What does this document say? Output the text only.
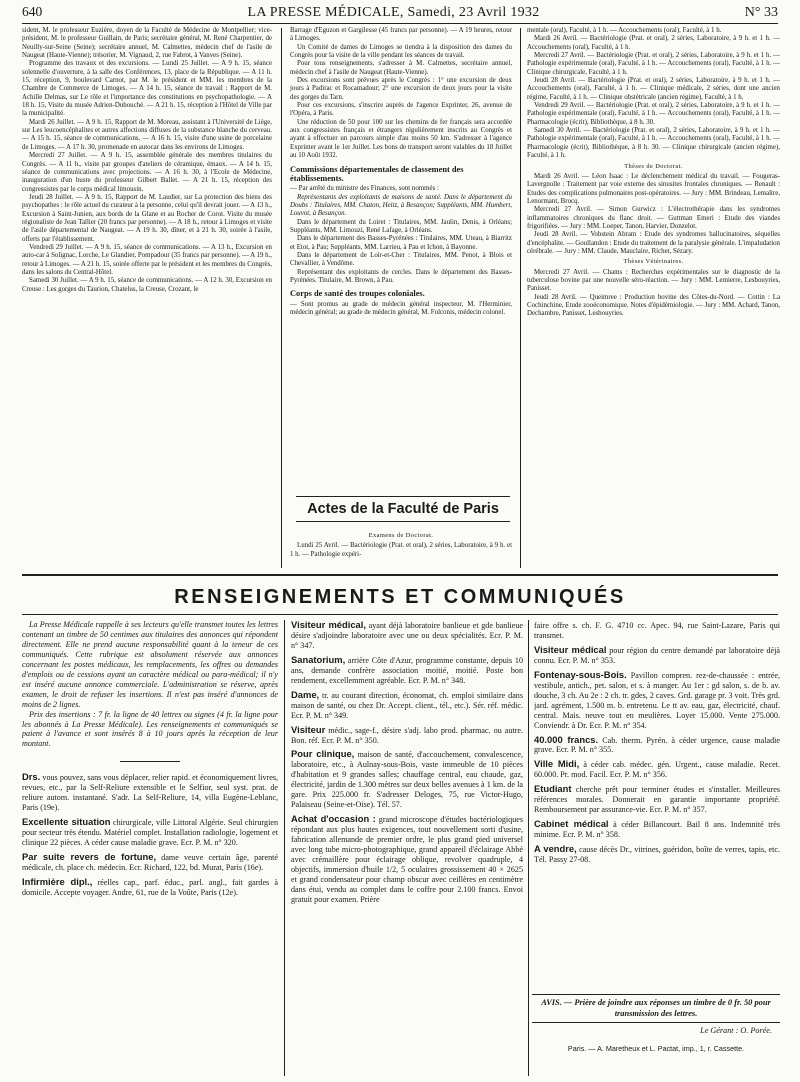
640	LA PRESSE MÉDICALE, Samedi, 23 Avril 1932	N° 33

sident, M. le professeur Euzière, doyen de la Faculté de Médecine de Montpellier; vice-président, M. le professeur Guillain, de Paris; secrétaire général, M. René Charpentier, de Neuilly-sur-Seine (Seine); secrétaire annuel, M. Calmettes, médecin chef de l'asile de Naugeat (Haute-Vienne); trésorier, M. Vignaud, 2, rue Fabrot, à Vanves (Seine).

Programme des travaux et des excursions. — Lundi 25 Juillet. — A 9 h. 15, séance solennelle d'ouverture, à la salle des Conférences, 13, place de la République. — A 11 h. 15, réception, 9, boulevard Carnot, par M. le président et MM. les membres de la Chambre de Commerce de Limoges. — A 14 h. 15, séance de travail : Rapport de M. Achille Delmas, sur Le rôle et l'importance des constitutions en psychopathologie. — A 18 h. 15, Visite du musée Adrien-Dubouché. — A 21 h. 15, réception à l'Hôtel de Ville par la municipalité.

Mardi 26 Juillet. — A 9 h. 15, Rapport de M. Moreau, assistant à l'Université de Liège, sur Les leucoencéphalites et autres affections diffuses de la substance blanche du cerveau. — A 15 h. 15, séance de communications. — A 16 h. 15, visite d'une usine de porcelaine de Limoges. — A 17 h. 30, promenade en autocar dans les environs de Limoges.

Mercredi 27 Juillet. — A 9 h. 15, assemblée générale des membres titulaires du Congrès. — A 11 h., visite par groupes d'ateliers de céramique, émaux. — A 14 h. 15, séance de communications avec projections. — A 16 h. 30, à l'Ecole de Médecine, inauguration d'un buste du professeur Gilbert Ballet. — A 21 h. 15, réception des congressistes par le corps médical limousin.

Jeudi 28 Juillet. — A 9 h. 15, Rapport de M. Laudier, sur La protection des biens des psychopathes : le rôle actuel du curateur à la personne, celui qu'il devrait jouer. — A 13 h., Excursion à Saint-Junien, aux bords de la Glane et au Rocher de Corot. Visite du musée régionaliste de Jean Tallier (20 francs par personne). — A 18 h., retour à Limoges et visite de l'asile départemental de Naugeat. — A 19 h. 30, dîner, et à 21 h. 30, soirée à l'asile, offerts par l'établissement.

Vendredi 29 Juillet. — A 9 h. 15, séance de communications. — A 13 h., Excursion en auto-car à Solignac, Lorche, Le Glandier, Pompadour (35 francs par personne). — A 19 h., retour à Limoges. — A 21 h. 15, soirée offerte par le président et les membres du Congrès, dans les salons du Central-Hôtel.

Samedi 30 Juillet. — A 9 h. 15, séance de communications. — A 12 h. 30, Excursion en Creuse : Les gorges du Taurion, Chatelus, la Creuse, Crozant, le

Barrage d'Eguzon et Gargilesse (45 francs par personne). — A 19 heures, retour à Limoges.

Un Comité de dames de Limoges se tiendra à la disposition des dames du Congrès pour la visite de la ville pendant les séances de travail.

Pour tous renseignements, s'adresser à M. Calmettes, secrétaire annuel, médecin chef à l'asile de Naugeat (Haute-Vienne).

Des excursions sont prévues après le Congrès : 1° une excursion de deux jours à Padirac et Rocamadour; 2° une excursion de deux jours pour la visite des gorges du Tarn.

Pour ces excursions, s'inscrire auprès de l'agence Exprinter, 26, avenue de l'Opéra, à Paris.

Une réduction de 50 pour 100 sur les chemins de fer français sera accordée aux congressistes français et étrangers régulièrement inscrits au Congrès et ayant à effectuer un parcours simple d'au moins 50 km. S'adresser à l'agence Exprinter avant le 1er Juillet. Les bons de transport seront valables du 18 Juillet au 10 Août 1932.

Commissions départementales de classement des établissements.

— Par arrêté du ministre des Finances, sont nommés :

Représentants des exploitants de maisons de santé. Dans le département du Doubs : Titulaires, MM. Chaton, Heitz, à Besançon; Suppléants, MM. Humbert, Louvot, à Besançon.

Dans le département du Loiret : Titulaires, MM. Jaulin, Denis, à Orléans; Suppléants, MM. Limouzi, René Lafage, à Orléans.

Dans le département des Basses-Pyrénées : Titulaires, MM. Uteau, à Biarritz et Etot, à Pau; Suppléants, MM. Larrieu, à Pau et Ichon, à Bayonne.

Dans le département de Loir-et-Cher : Titulaires, MM. Penot, à Blois et Chevallier, à Vendôme.

Représentant des exploitants de cercles. Dans le département des Basses-Pyrénées. Titulaire, M. Brown, à Pau.

Corps de santé des troupes coloniales.

— Sont promus au grade de médecin général inspecteur, M. l'Herminier, médecin général; au grade de médecin général, M. Fulconis, médecin colonel.

Actes de la Faculté de Paris

Examens de Doctorat.

Lundi 25 Avril. — Bactériologie (Prat. et oral), 2 séries, Laboratoire, à 9 h. et 1 h. — Pathologie expéri-

mentale (oral), Faculté, à 1 h. — Accouchements (oral), Faculté, à 1 h.

Mardi 26 Avril. — Bactériologie (Prat. et oral), 2 séries, Laboratoire, à 9 h. et 1 h. — Accouchements (oral), Faculté, à 1 h.

Mercredi 27 Avril. — Bactériologie (Prat. et oral), 2 séries, Laboratoire, à 9 h. et 1 h. — Pathologie expérimentale (oral), Faculté, à 1 h. — Accouchements (oral), Faculté, à 1 h. — Clinique chirurgicale, Faculté, à 1 h.

Jeudi 28 Avril. — Bactériologie (Prat. et oral), 2 séries, Laboratoire, à 9 h. et 1 h. — Accouchements (oral), Faculté, à 1 h. — Clinique médicale, 2 séries, dont une ancien régime, Faculté, à 1 h. — Clinique obstétricale (ancien régime), Faculté, à 1 h.

Vendredi 29 Avril. — Bactériologie (Prat. et oral), 2 séries, Laboratoire, à 9 h. et 1 h. — Pathologie expérimentale (oral), Faculté, à 1 h. — Accouchements (oral), Faculté, à 1 h. — Pharmacologie (écrit), Bibliothèque, à 8 h. 30.

Samedi 30 Avril. — Bactériologie (Prat. et oral), 2 séries, Laboratoire, à 9 h. et 1 h. — Pathologie expérimentale (oral), Faculté, à 1 h. — Accouchements (oral), Faculté, à 1 h. — Pharmacologie (écrit), Bibliothèque, à 8 h. 30. — Clinique chirurgicale (ancien régime), Faculté, à 1 h.

Thèses de Doctorat.

Mardi 26 Avril. — Léon Isaac : Le déclenchement médical du travail. — Fougeras-Lavergnolle : Traitement par voie externe des sinusites frontales chroniques. — Renault : Etudes des complications pulmonaires post-opératoires. — Jury : MM. Brindeau, Lemaître, Lenormant, Brocq.

Mercredi 27 Avril. — Simon Gurwicz : L'électrothérapie dans les syndromes inflammatoires chroniques du flanc droit. — Guttman Emeri : Etude des viandes frigorifiées. — Jury : MM. Loeper, Tanon, Harvier, Donzelot.

Jeudi 28 Avril. — Vobstein Abram : Etude des syndromes hallucinatoires, séquelles d'encéphalite. — Goullandon : Etude du traitement de la paralysie générale. L'impaludation cérébrale. — Jury : MM. Claude, Mauclaire, Richet, Sézary.

Thèses Vétérinaires.

Mercredi 27 Avril. — Chams : Recherches expérimentales sur le diagnostic de la tuberculose bovine par une nouvelle séro-réaction. — Jury : MM. Lemierre, Lesbouyries, Panisset.

Jeudi 28 Avril. — Queimree : Production bovine des Côtes-du-Nord. — Cottin : La Cochinchine, Etude zooéconomique. Notes d'épidémiologie. — Jury : MM. Achard, Tanon, Dechambre, Panisset, Lesbouyries.

RENSEIGNEMENTS ET COMMUNIQUÉS

La Presse Médicale rappelle à ses lecteurs qu'elle transmet toutes les lettres contenant un timbre de 50 centimes aux titulaires des annonces qui répondent directement. Elle ne prend aucune responsabilité quant à la teneur de ces communiqués. Cette rubrique est absolument réservée aux annonces concernant les postes médicaux, les remplacements, les offres ou demandes d'emplois ou de cessions ayant un caractère médical ou para-médical; il n'y est inséré aucune annonce commerciale. L'administration se réserve, après examen, le droit de refuser les insertions. Il n'est pas inséré d'annonces de moins de 2 lignes.

Prix des insertions : 7 fr. la ligne de 40 lettres ou signes (4 fr. la ligne pour les abonnés à La Presse Médicale). Les renseignements et communiqués se paient à l'avance et sont insérés 8 à 10 jours après la réception de leur montant.

Drs. vous pouvez, sans vous déplacer, relier rapid. et économiquement livres, revues, etc., par la Self-Reliure extensible et le Selfior, seul syst. prat. de reliure autom. instantané. S'adr. La Self-Reliure, 14, villa Eugène-Leblanc, Paris (19e).

Excellente situation chirurgicale, ville Littoral Algérie. Seul chirurgien pour secteur très étendu. Matériel complet. Installation radiologie, logement et clinique 22 pièces. A céder cause maladie grave. Ecr. P. M. n° 320.

Par suite revers de fortune, dame veuve certain âge, parenté médicale, ch. place ch. médecin. Ecr. Richard, 122, bd. Murat, Paris (16e).

Infirmière dipl., réelles cap., parf. éduc., parl. angl., fait gardes à domicile. Accepte voyager. Andre, 61, rue de la Voûte, Paris (12e).

Visiteur médical, ayant déjà laboratoire banlieue et gde banlieue désire s'adjoindre laboratoire avec une ou deux spécialités. Ecr. P. M. n° 347.

Sanatorium, arrière Côte d'Azur, programme constante, depuis 10 ans, demande confrère association moitié, moitié. Poste bon rendement, excellemment agréable. Ecr. P. M. n° 348.

Dame, tr. au courant direction, économat, ch. emploi similaire dans maison de santé, ou chez Dr. Accept. client., tél., etc.). Sér. réf. médic. Ecr. P. M. n° 349.

Visiteur médic., sage-f., désire s'adj. labo prod. pharmac. ou autre. Bon. réf. Ecr. P. M. n° 350.

Pour clinique, maison de santé, d'accouchement, convalescence, laboratoire, etc., à Aulnay-sous-Bois, vaste immeuble de 10 pièces d'habitation et 9 grandes salles; chauffage central, eau chaude, gaz, électricité, jardin de 1.300 mètres sur deux belles avenues à 1 km. de la gare. Prix 225.000 fr. S'adresser Deloges, 75, rue Victor-Hugo, Palaiseau (Seine-et-Oise). Tél. 57.

Achat d'occasion : grand microscope d'études bactériologiques répondant aux plus hautes exigences, tout nouvellement sorti d'usine, fabrication allemande de premier ordre, le plus grand pied universel avec long tube micro-photographique, grand appareil d'éclairage Abbé avec crémaillère pour éclairage oblique, revolver quadruple, 4 objectifs, immersion d'huile 1/2, 5 oculaires grossissement 40 × 2625 et grand condensateur pour champ obscur avec ceillères en centimètre dans étui, vendu au complet dans le coffre pour 2.100 francs. Envoi gratuit pour examen. Prière

faire offre s. ch. F. G. 4710 cc. Apec. 94, rue Saint-Lazare, Paris qui transmet.

Visiteur médical pour région du centre demandé par laboratoire déjà connu. Ecr. P. M. n° 353.

Fontenay-sous-Bois. Pavillon compren. rez-de-chaussée : entrée, vestibule, antich., pet. salon, et s. à manger. Au 1er : gd salon, s. de b. av. douche, 3 ch. Au 2e : 2 ch. tr. gdes, 2 caves. Grd. garage pr. 3 voit. Très grd. jard. agrément, 1.500 m. b. entretenu. Le tt av. eau, gaz, électricité, chauf. central. Mais. neuve tout en meulières. Loyer 15.000. Vente 275.000. Conviendr. à Dr. Ecr. P. M. n° 354.

40.000 francs. Cab. therm. Pyrén. à céder urgence, cause maladie grave. Ecr. P. M. n° 355.

Ville Midi, à céder cab. médec. gén. Urgent., cause maladie. Recet. 60.000. Pr. mod. Facil. Ecr. P. M. n° 356.

Etudiant cherche prêt pour terminer études et s'installer. Meilleures références morales. Donnerait en garantie importante propriété. Remboursement par assurance-vie. Ecr. P. M. n° 357.

Cabinet médical à céder Billancourt. Bail 8 ans. Indemnité très minime. Ecr. P. M. n° 358.

A vendre, cause décès Dr., vitrines, guéridon, boîte de verres, tapis, etc. Tél. Passy 27-08.

AVIS. — Prière de joindre aux réponses un timbre de 0 fr. 50 pour transmission des lettres.
Le Gérant : O. Porée.
Paris. — A. Maretheux et L. Pactat, imp., 1, r. Cassette.
